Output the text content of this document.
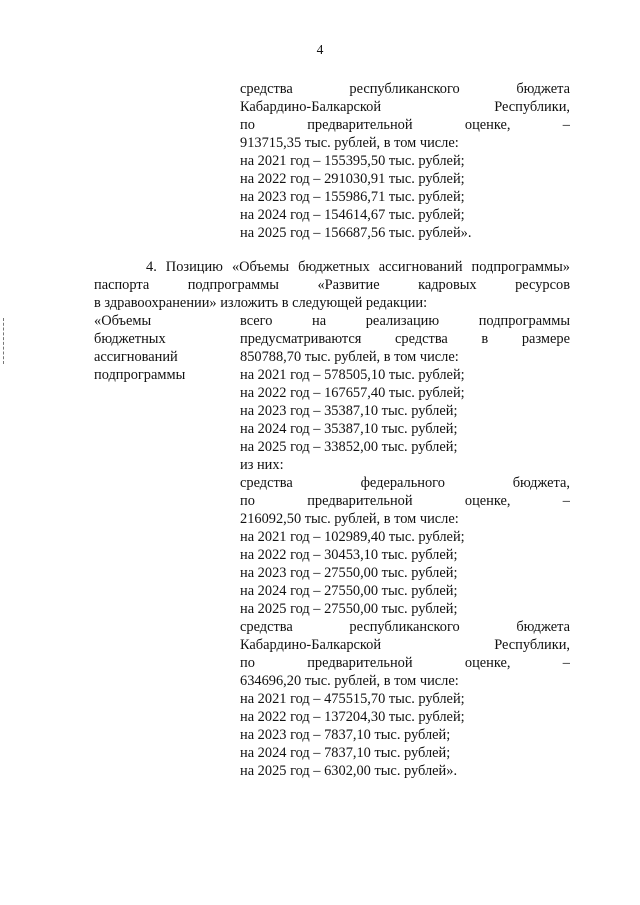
4
средства республиканского бюджета
Кабардино-Балкарской Республики,
по предварительной оценке, –
913715,35 тыс. рублей, в том числе:
на 2021 год – 155395,50 тыс. рублей;
на 2022 год – 291030,91 тыс. рублей;
на 2023 год – 155986,71 тыс. рублей;
на 2024 год – 154614,67 тыс. рублей;
на 2025 год – 156687,56 тыс. рублей».
4. Позицию «Объемы бюджетных ассигнований подпрограммы»
паспорта подпрограммы «Развитие кадровых ресурсов
в здравоохранении» изложить в следующей редакции:
«Объемы
бюджетных
ассигнований
подпрограммы
всего на реализацию подпрограммы
предусматриваются средства в размере
850788,70 тыс. рублей, в том числе:
на 2021 год – 578505,10 тыс. рублей;
на 2022 год – 167657,40 тыс. рублей;
на 2023 год – 35387,10 тыс. рублей;
на 2024 год – 35387,10 тыс. рублей;
на 2025 год – 33852,00 тыс. рублей;
из них:
средства федерального бюджета,
по предварительной оценке, –
216092,50 тыс. рублей, в том числе:
на 2021 год – 102989,40 тыс. рублей;
на 2022 год – 30453,10 тыс. рублей;
на 2023 год – 27550,00 тыс. рублей;
на 2024 год – 27550,00 тыс. рублей;
на 2025 год – 27550,00 тыс. рублей;
средства республиканского бюджета
Кабардино-Балкарской Республики,
по предварительной оценке, –
634696,20 тыс. рублей, в том числе:
на 2021 год – 475515,70 тыс. рублей;
на 2022 год – 137204,30 тыс. рублей;
на 2023 год – 7837,10 тыс. рублей;
на 2024 год – 7837,10 тыс. рублей;
на 2025 год – 6302,00 тыс. рублей».
